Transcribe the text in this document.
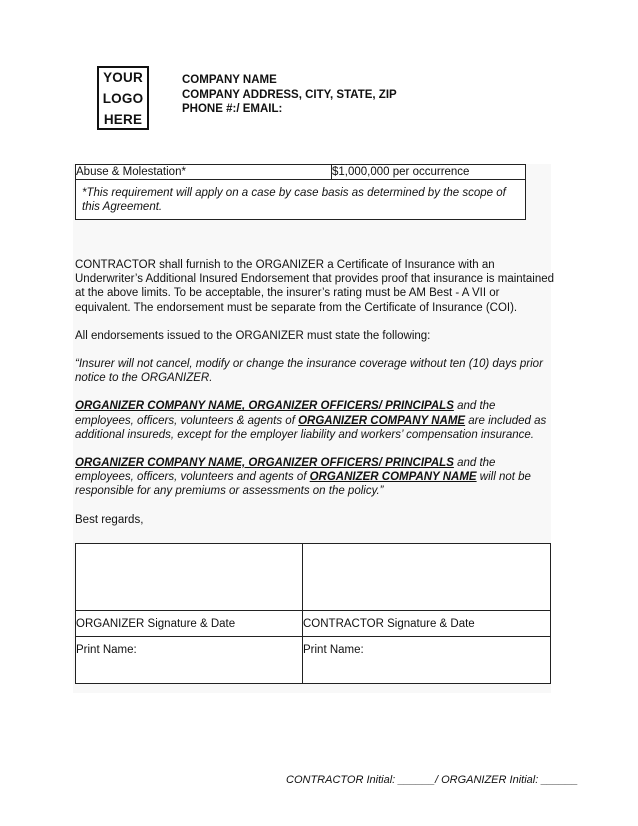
YOUR
LOGO
HERE
COMPANY NAME
COMPANY ADDRESS, CITY, STATE, ZIP
PHONE #:/ EMAIL:
Abuse & Molestation*	$1,000,000 per occurrence
*This requirement will apply on a case by case basis as determined by the scope of this Agreement.

CONTRACTOR shall furnish to the ORGANIZER a Certificate of Insurance with an Underwriter’s Additional Insured Endorsement that provides proof that insurance is maintained at the above limits. To be acceptable, the insurer’s rating must be AM Best - A VII or equivalent. The endorsement must be separate from the Certificate of Insurance (COI).

All endorsements issued to the ORGANIZER must state the following:

“Insurer will not cancel, modify or change the insurance coverage without ten (10) days prior notice to the ORGANIZER.

ORGANIZER COMPANY NAME, ORGANIZER OFFICERS/ PRINCIPALS and the employees, officers, volunteers & agents of ORGANIZER COMPANY NAME are included as additional insureds, except for the employer liability and workers’ compensation insurance.

ORGANIZER COMPANY NAME, ORGANIZER OFFICERS/ PRINCIPALS and the employees, officers, volunteers and agents of ORGANIZER COMPANY NAME will not be responsible for any premiums or assessments on the policy.”

Best regards,

ORGANIZER Signature & Date	CONTRACTOR Signature & Date
Print Name:	Print Name:
CONTRACTOR Initial: ______/ ORGANIZER Initial: ______
